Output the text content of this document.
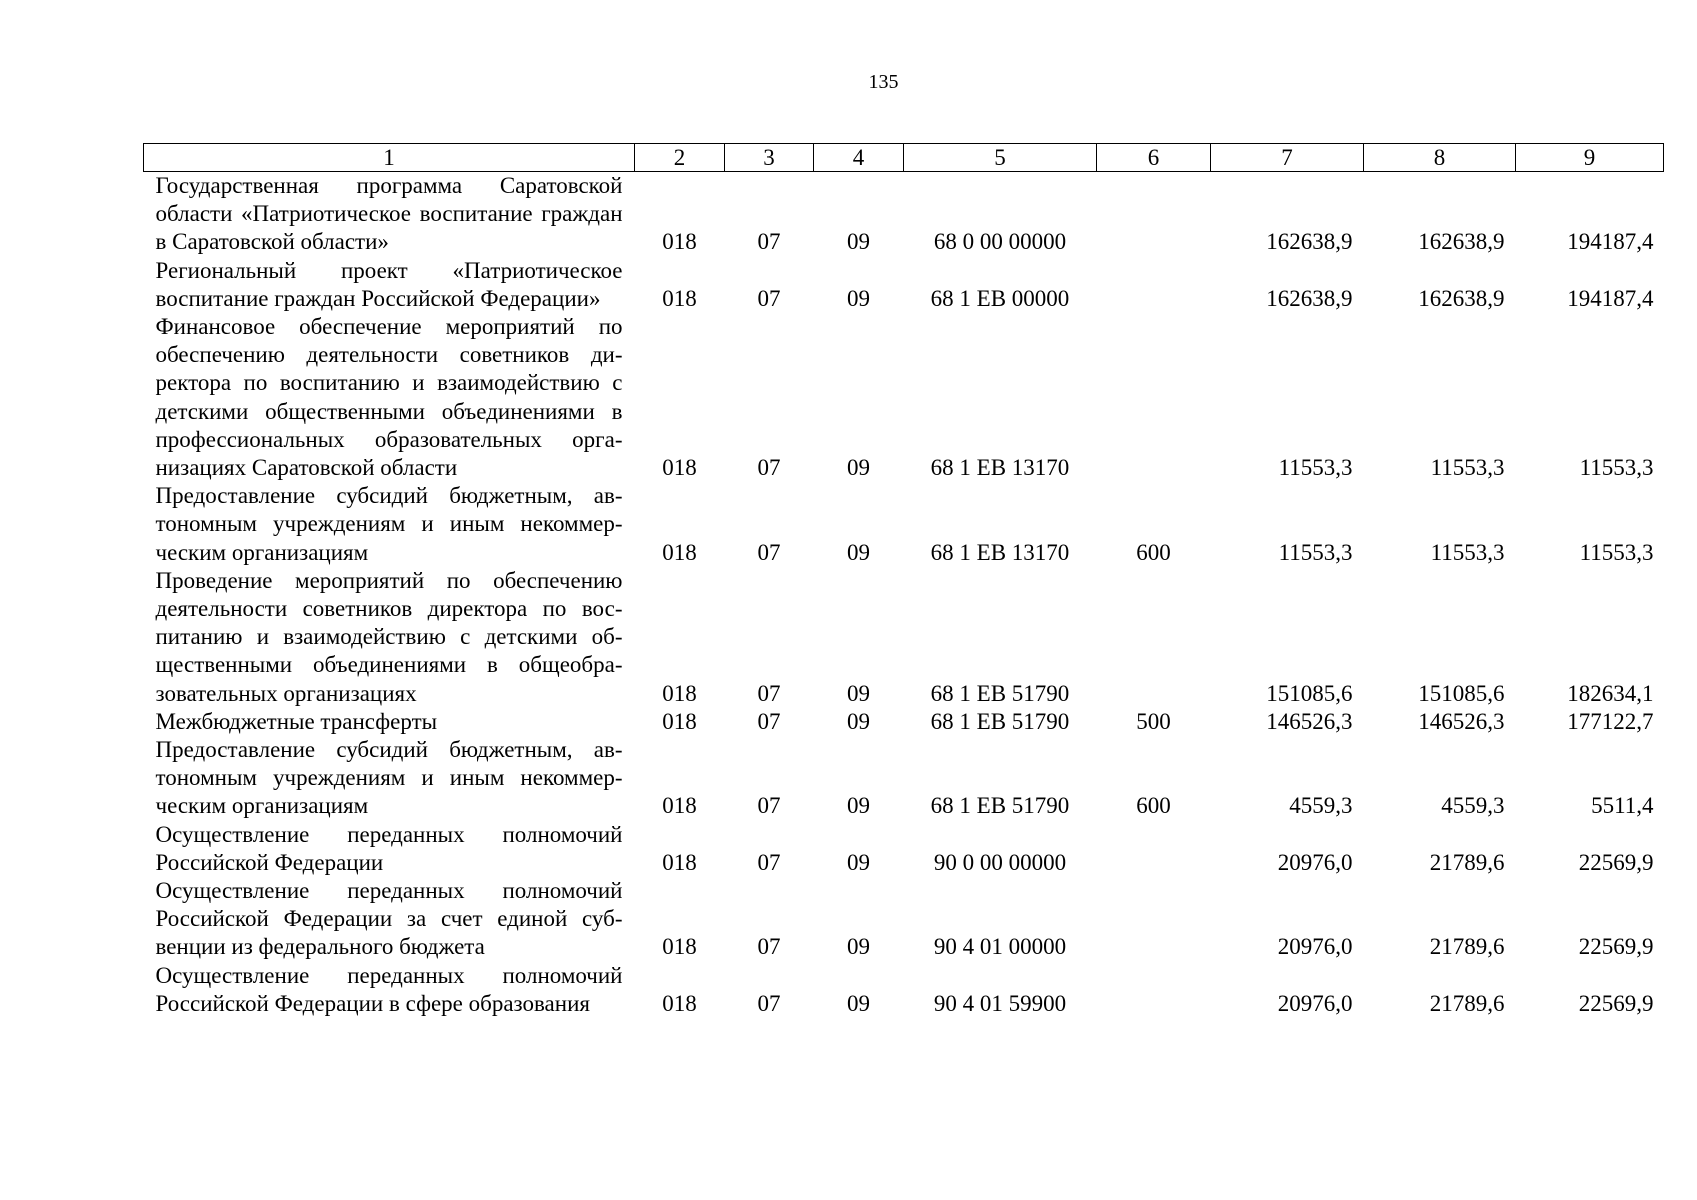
135
1	2	3	4	5	6	7	8	9
Государственная программа Саратовской области «Патриотическое воспитание граждан в Саратовской области»	018	07	09	68 0 00 00000		162638,9	162638,9	194187,4
Региональный проект «Патриотическое воспитание граждан Российской Федерации»	018	07	09	68 1 ЕВ 00000		162638,9	162638,9	194187,4
Финансовое обеспечение мероприятий по обеспечению деятельности советников директора по воспитанию и взаимодействию с детскими общественными объединениями в профессиональных образовательных организациях Саратовской области	018	07	09	68 1 ЕВ 13170		11553,3	11553,3	11553,3
Предоставление субсидий бюджетным, автономным учреждениям и иным некоммерческим организациям	018	07	09	68 1 ЕВ 13170	600	11553,3	11553,3	11553,3
Проведение мероприятий по обеспечению деятельности советников директора по воспитанию и взаимодействию с детскими общественными объединениями в общеобразовательных организациях	018	07	09	68 1 ЕВ 51790		151085,6	151085,6	182634,1
Межбюджетные трансферты	018	07	09	68 1 ЕВ 51790	500	146526,3	146526,3	177122,7
Предоставление субсидий бюджетным, автономным учреждениям и иным некоммерческим организациям	018	07	09	68 1 ЕВ 51790	600	4559,3	4559,3	5511,4
Осуществление переданных полномочий Российской Федерации	018	07	09	90 0 00 00000		20976,0	21789,6	22569,9
Осуществление переданных полномочий Российской Федерации за счет единой субвенции из федерального бюджета	018	07	09	90 4 01 00000		20976,0	21789,6	22569,9
Осуществление переданных полномочий Российской Федерации в сфере образования	018	07	09	90 4 01 59900		20976,0	21789,6	22569,9
